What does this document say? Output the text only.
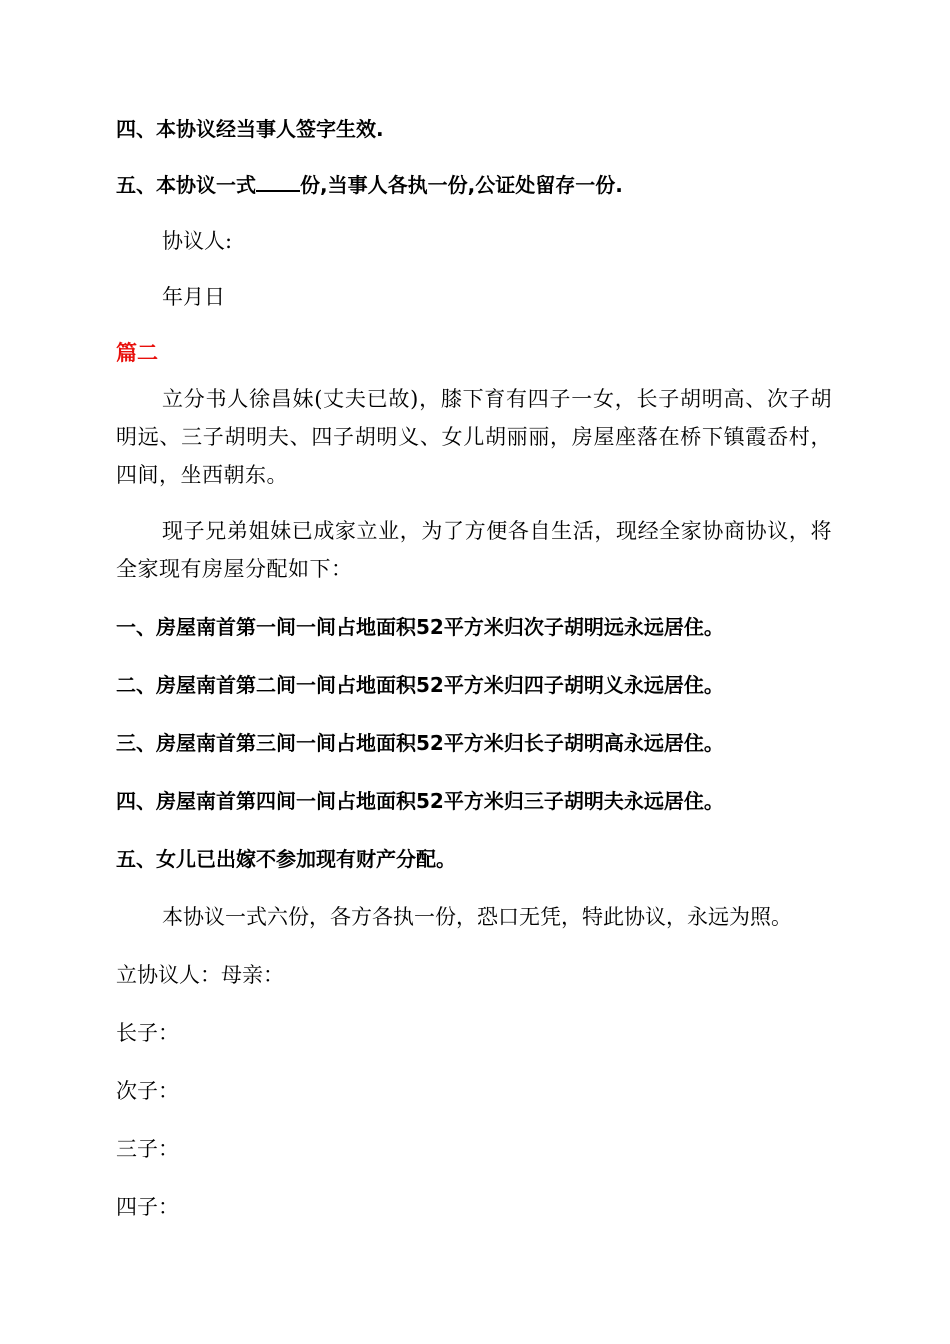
四、本协议经当事人签字生效.
五、本协议一式 份,当事人各执一份,公证处留存一份.
协议人:
年月日
篇二
立分书人徐昌妹(丈夫已故)，膝下育有四子一女，长子胡明高、次子胡明远、三子胡明夫、四子胡明义、女儿胡丽丽，房屋座落在桥下镇霞岙村，四间，坐西朝东。
现子兄弟姐妹已成家立业，为了方便各自生活，现经全家协商协议，将全家现有房屋分配如下：
一、房屋南首第一间一间占地面积52平方米归次子胡明远永远居住。
二、房屋南首第二间一间占地面积52平方米归四子胡明义永远居住。
三、房屋南首第三间一间占地面积52平方米归长子胡明高永远居住。
四、房屋南首第四间一间占地面积52平方米归三子胡明夫永远居住。
五、女儿已出嫁不参加现有财产分配。
本协议一式六份，各方各执一份，恐口无凭，特此协议，永远为照。
立协议人：母亲：
长子：
次子：
三子：
四子：
